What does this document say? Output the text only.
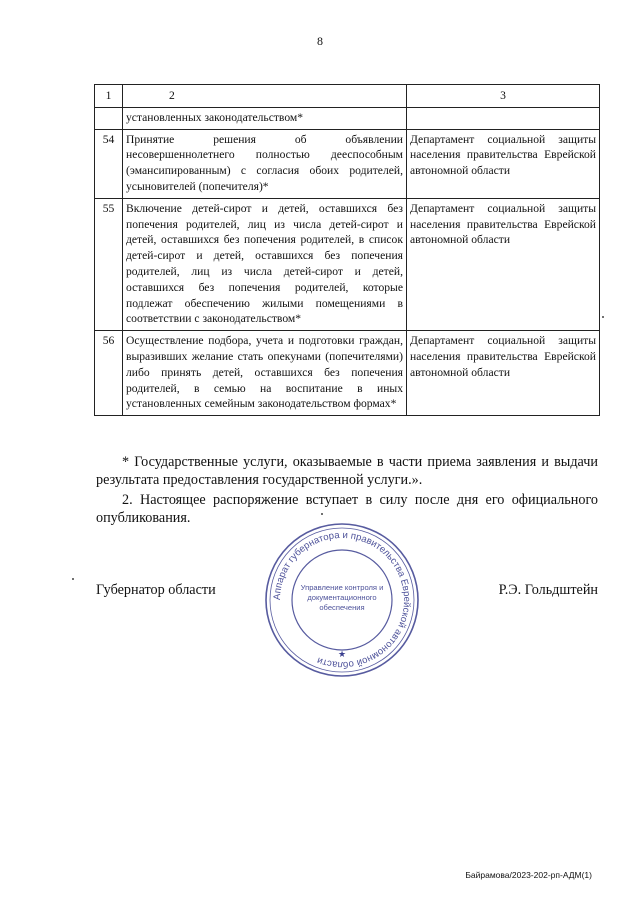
8
1	2	3
	установленных законодательством*	
54	Принятие решения об объявлении несовершеннолетнего полностью дееспособным (эмансипированным) с согласия обоих родителей, усыновителей (попечителя)*	Департамент социальной защиты населения правительства Еврейской автономной области
55	Включение детей-сирот и детей, оставшихся без попечения родителей, лиц из числа детей-сирот и детей, оставшихся без попечения родителей, в список детей-сирот и детей, оставшихся без попечения родителей, лиц из числа детей-сирот и детей, оставшихся без попечения родителей, которые подлежат обеспечению жилыми помещениями в соответствии с законодательством*	Департамент социальной защиты населения правительства Еврейской автономной области
56	Осуществление подбора, учета и подготовки граждан, выразивших желание стать опекунами (попечителями) либо принять детей, оставшихся без попечения родителей, в семью на воспитание в иных установленных семейным законодательством формах*	Департамент социальной защиты населения правительства Еврейской автономной области
* Государственные услуги, оказываемые в части приема заявления и выдачи результата предоставления государственной услуги.».
2. Настоящее распоряжение вступает в силу после дня его официального опубликования.
Губернатор области	Р.Э. Гольдштейн
Аппарат губернатора и правительства Еврейской автономной области
Управление контроля и
документационного
обеспечения
★
Байрамова/2023-202-рп-АДМ(1)
